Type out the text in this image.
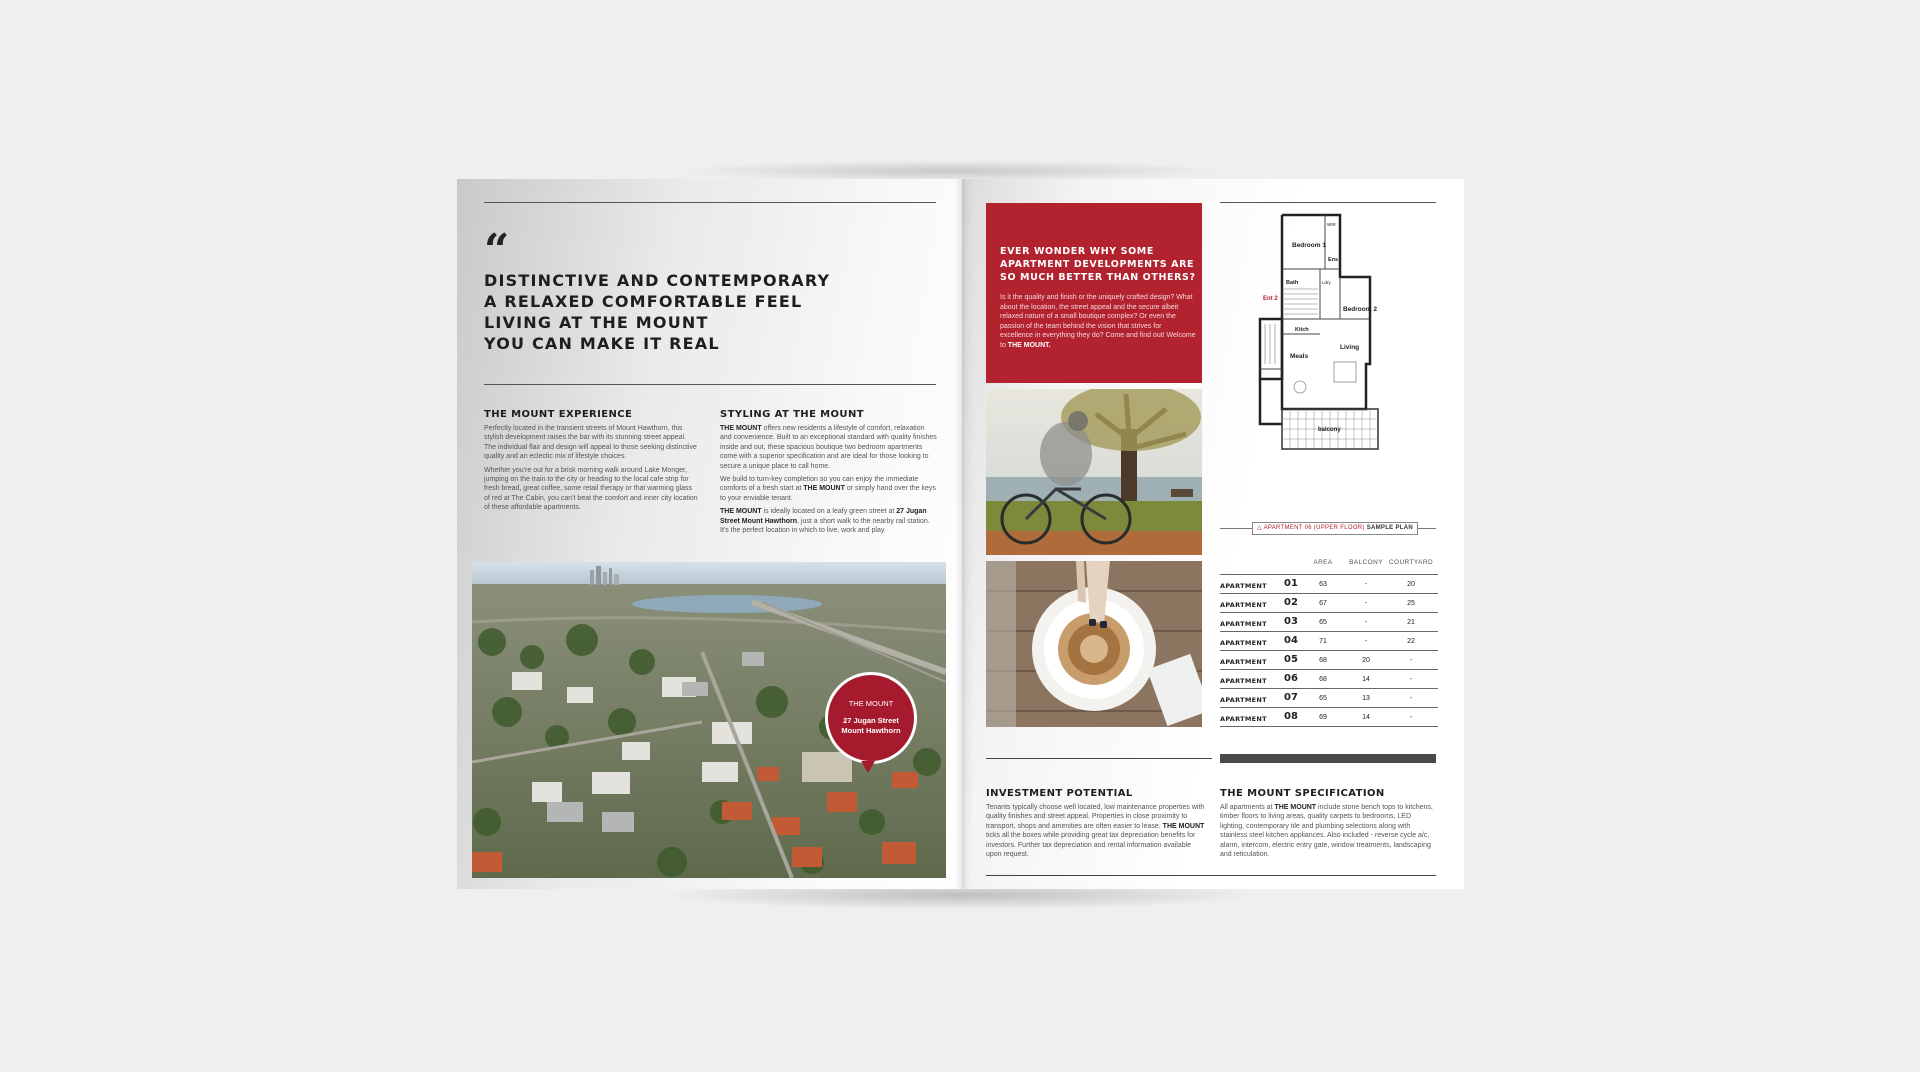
“
DISTINCTIVE AND CONTEMPORARY
A RELAXED COMFORTABLE FEEL
LIVING AT THE MOUNT
YOU CAN MAKE IT REAL
THE MOUNT EXPERIENCE

Perfectly located in the transient streets of Mount Hawthorn, this stylish development raises the bar with its stunning street appeal. The individual flair and design will appeal to those seeking distinctive quality and an eclectic mix of lifestyle choices.

Whether you're out for a brisk morning walk around Lake Monger, jumping on the train to the city or heading to the local cafe strip for fresh bread, great coffee, some retail therapy or that warming glass of red at The Cabin, you can't beat the comfort and inner city location of these affordable apartments.

STYLING AT THE MOUNT

THE MOUNT offers new residents a lifestyle of comfort, relaxation and convenience. Built to an exceptional standard with quality finishes inside and out, these spacious boutique two bedroom apartments come with a superior specification and are ideal for those looking to secure a unique place to call home.

We build to turn-key completion so you can enjoy the immediate comforts of a fresh start at THE MOUNT or simply hand over the keys to your enviable tenant.

THE MOUNT is ideally located on a leafy green street at 27 Jugan Street Mount Hawthorn, just a short walk to the nearby rail station. It's the perfect location in which to live, work and play.

EVER WONDER WHY SOME APARTMENT DEVELOPMENTS ARE SO MUCH BETTER THAN OTHERS?
Is it the quality and finish or the uniquely crafted design? What about the location, the street appeal and the secure albeit relaxed nature of a small boutique complex? Or even the passion of the team behind the vision that strives for excellence in everything they do? Come and find out! Welcome to THE MOUNT.
Bedroom 1
Bedroom 2
Ens
Bath
Kitch
Living
Meals
balcony
Ent 2
WIR
Ldry
△ APARTMENT 06 (UPPER FLOOR) SAMPLE PLAN
AREA	BALCONY COURTYARD
APARTMENT 01	63	-	20
APARTMENT 02	67	-	25
APARTMENT 03	65	-	21
APARTMENT 04	71	-	22
APARTMENT 05	68	20	-
APARTMENT 06	68	14	-
APARTMENT 07	65	13	-
APARTMENT 08	69	14	-
INVESTMENT POTENTIAL

Tenants typically choose well located, low maintenance properties with quality finishes and street appeal. Properties in close proximity to transport, shops and amenities are often easier to lease. THE MOUNT ticks all the boxes while providing great tax depreciation benefits for investors. Further tax depreciation and rental information available upon request.

THE MOUNT SPECIFICATION

All apartments at THE MOUNT include stone bench tops to kitchens, timber floors to living areas, quality carpets to bedrooms, LED lighting, contemporary tile and plumbing selections along with stainless steel kitchen appliances. Also included - reverse cycle a/c, alarm, intercom, electric entry gate, window treatments, landscaping and reticulation.

THE MOUNT
27 Jugan Street
Mount Hawthorn
